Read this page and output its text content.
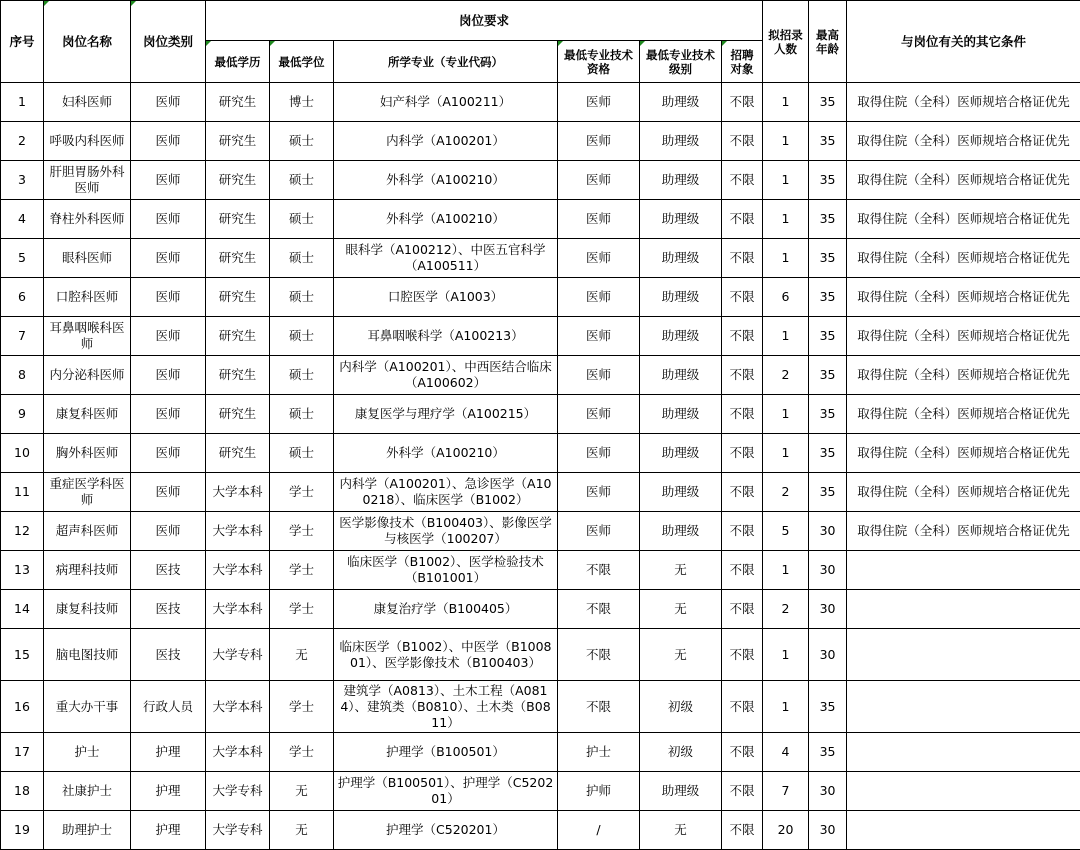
序号	岗位名称	岗位类别	岗位要求						拟招录人数	最高年龄	与岗位有关的其它条件
			最低学历	最低学位	所学专业（专业代码）	最低专业技术资格	最低专业技术级别	招聘对象			
1	妇科医师	医师	研究生	博士	妇产科学（A100211）	医师	助理级	不限	1	35	取得住院（全科）医师规培合格证优先
2	呼吸内科医师	医师	研究生	硕士	内科学（A100201）	医师	助理级	不限	1	35	取得住院（全科）医师规培合格证优先
3	肝胆胃肠外科医师	医师	研究生	硕士	外科学（A100210）	医师	助理级	不限	1	35	取得住院（全科）医师规培合格证优先
4	脊柱外科医师	医师	研究生	硕士	外科学（A100210）	医师	助理级	不限	1	35	取得住院（全科）医师规培合格证优先
5	眼科医师	医师	研究生	硕士	眼科学（A100212）、中医五官科学（A100511）	医师	助理级	不限	1	35	取得住院（全科）医师规培合格证优先
6	口腔科医师	医师	研究生	硕士	口腔医学（A1003）	医师	助理级	不限	6	35	取得住院（全科）医师规培合格证优先
7	耳鼻咽喉科医师	医师	研究生	硕士	耳鼻咽喉科学（A100213）	医师	助理级	不限	1	35	取得住院（全科）医师规培合格证优先
8	内分泌科医师	医师	研究生	硕士	内科学（A100201）、中西医结合临床（A100602）	医师	助理级	不限	2	35	取得住院（全科）医师规培合格证优先
9	康复科医师	医师	研究生	硕士	康复医学与理疗学（A100215）	医师	助理级	不限	1	35	取得住院（全科）医师规培合格证优先
10	胸外科医师	医师	研究生	硕士	外科学（A100210）	医师	助理级	不限	1	35	取得住院（全科）医师规培合格证优先
11	重症医学科医师	医师	大学本科	学士	内科学（A100201）、急诊医学（A100218）、临床医学（B1002）	医师	助理级	不限	2	35	取得住院（全科）医师规培合格证优先
12	超声科医师	医师	大学本科	学士	医学影像技术（B100403）、影像医学与核医学（100207）	医师	助理级	不限	5	30	取得住院（全科）医师规培合格证优先
13	病理科技师	医技	大学本科	学士	临床医学（B1002）、医学检验技术（B101001）	不限	无	不限	1	30	
14	康复科技师	医技	大学本科	学士	康复治疗学（B100405）	不限	无	不限	2	30	
15	脑电图技师	医技	大学专科	无	临床医学（B1002）、中医学（B100801）、医学影像技术（B100403）	不限	无	不限	1	30	
16	重大办干事	行政人员	大学本科	学士	建筑学（A0813）、土木工程（A0814）、建筑类（B0810）、土木类（B0811）	不限	初级	不限	1	35	
17	护士	护理	大学本科	学士	护理学（B100501）	护士	初级	不限	4	35	
18	社康护士	护理	大学专科	无	护理学（B100501）、护理学（C520201）	护师	助理级	不限	7	30	
19	助理护士	护理	大学专科	无	护理学（C520201）	/	无	不限	20	30	
